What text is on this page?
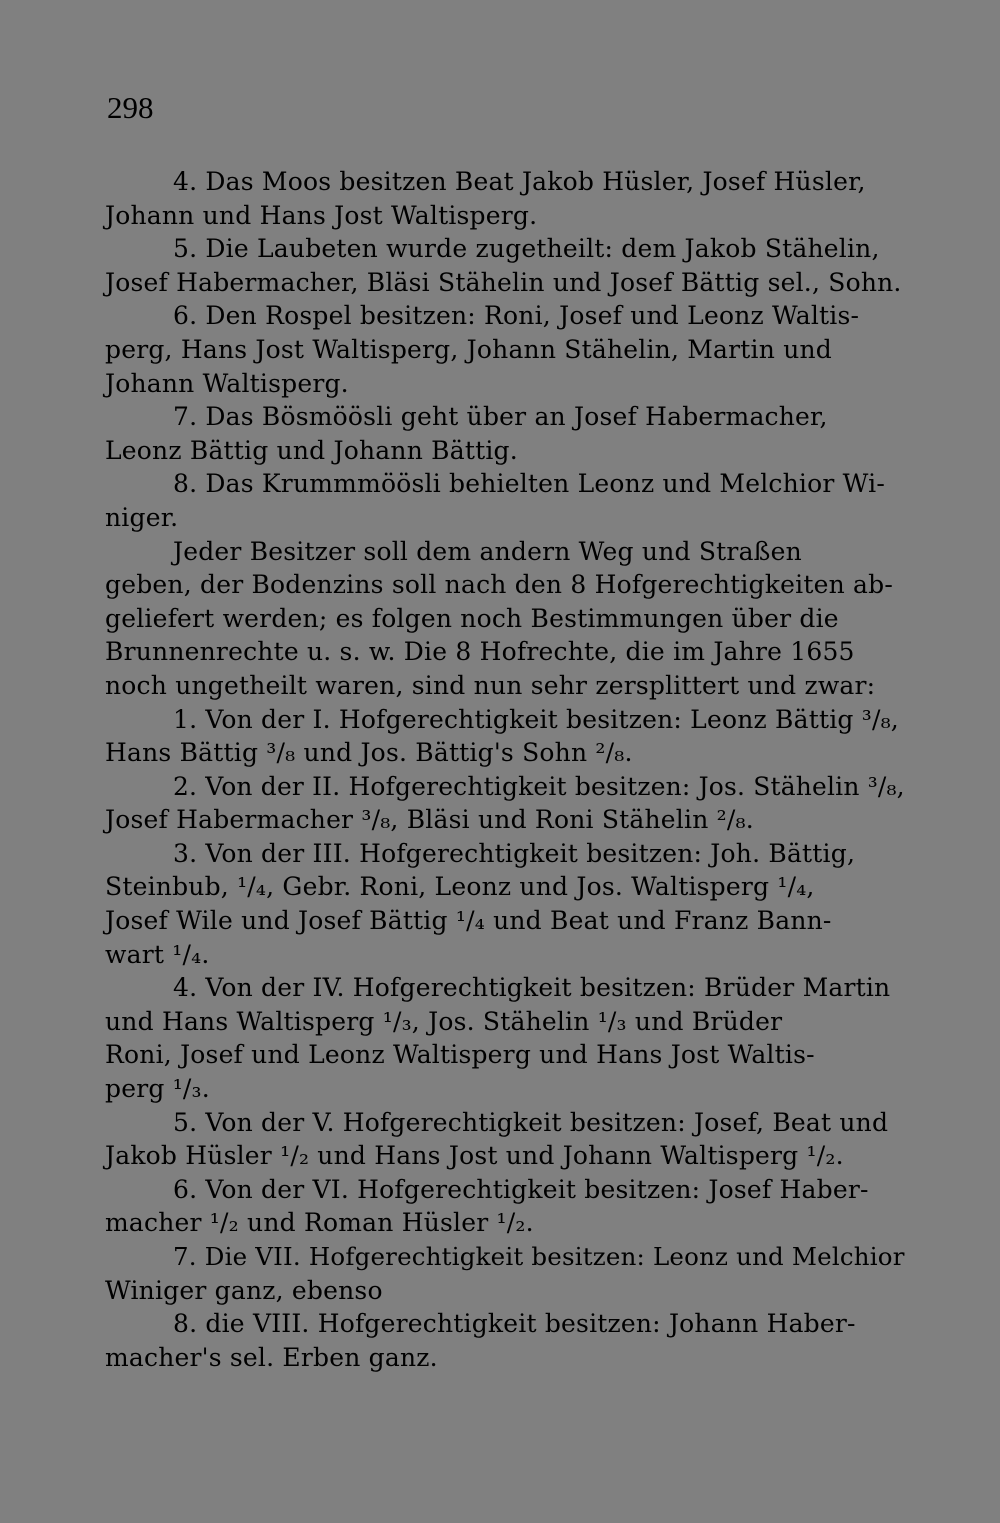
298
4. Das Moos besitzen Beat Jakob Hüsler, Josef Hüsler,
Johann und Hans Jost Waltisperg.
5. Die Laubeten wurde zugetheilt: dem Jakob Stähelin,
Josef Habermacher, Bläsi Stähelin und Josef Bättig sel., Sohn.
6. Den Rospel besitzen: Roni, Josef und Leonz Waltis-
perg, Hans Jost Waltisperg, Johann Stähelin, Martin und
Johann Waltisperg.
7. Das Bösmöösli geht über an Josef Habermacher,
Leonz Bättig und Johann Bättig.
8. Das Krummmöösli behielten Leonz und Melchior Wi-
niger.
Jeder Besitzer soll dem andern Weg und Straßen
geben, der Bodenzins soll nach den 8 Hofgerechtigkeiten ab-
geliefert werden; es folgen noch Bestimmungen über die
Brunnenrechte u. s. w. Die 8 Hofrechte, die im Jahre 1655
noch ungetheilt waren, sind nun sehr zersplittert und zwar:
1. Von der I. Hofgerechtigkeit besitzen: Leonz Bättig ³/₈,
Hans Bättig ³/₈ und Jos. Bättig's Sohn ²/₈.
2. Von der II. Hofgerechtigkeit besitzen: Jos. Stähelin ³/₈,
Josef Habermacher ³/₈, Bläsi und Roni Stähelin ²/₈.
3. Von der III. Hofgerechtigkeit besitzen: Joh. Bättig,
Steinbub, ¹/₄, Gebr. Roni, Leonz und Jos. Waltisperg ¹/₄,
Josef Wile und Josef Bättig ¹/₄ und Beat und Franz Bann-
wart ¹/₄.
4. Von der IV. Hofgerechtigkeit besitzen: Brüder Martin
und Hans Waltisperg ¹/₃, Jos. Stähelin ¹/₃ und Brüder
Roni, Josef und Leonz Waltisperg und Hans Jost Waltis-
perg ¹/₃.
5. Von der V. Hofgerechtigkeit besitzen: Josef, Beat und
Jakob Hüsler ¹/₂ und Hans Jost und Johann Waltisperg ¹/₂.
6. Von der VI. Hofgerechtigkeit besitzen: Josef Haber-
macher ¹/₂ und Roman Hüsler ¹/₂.
7. Die VII. Hofgerechtigkeit besitzen: Leonz und Melchior
Winiger ganz, ebenso
8. die VIII. Hofgerechtigkeit besitzen: Johann Haber-
macher's sel. Erben ganz.
